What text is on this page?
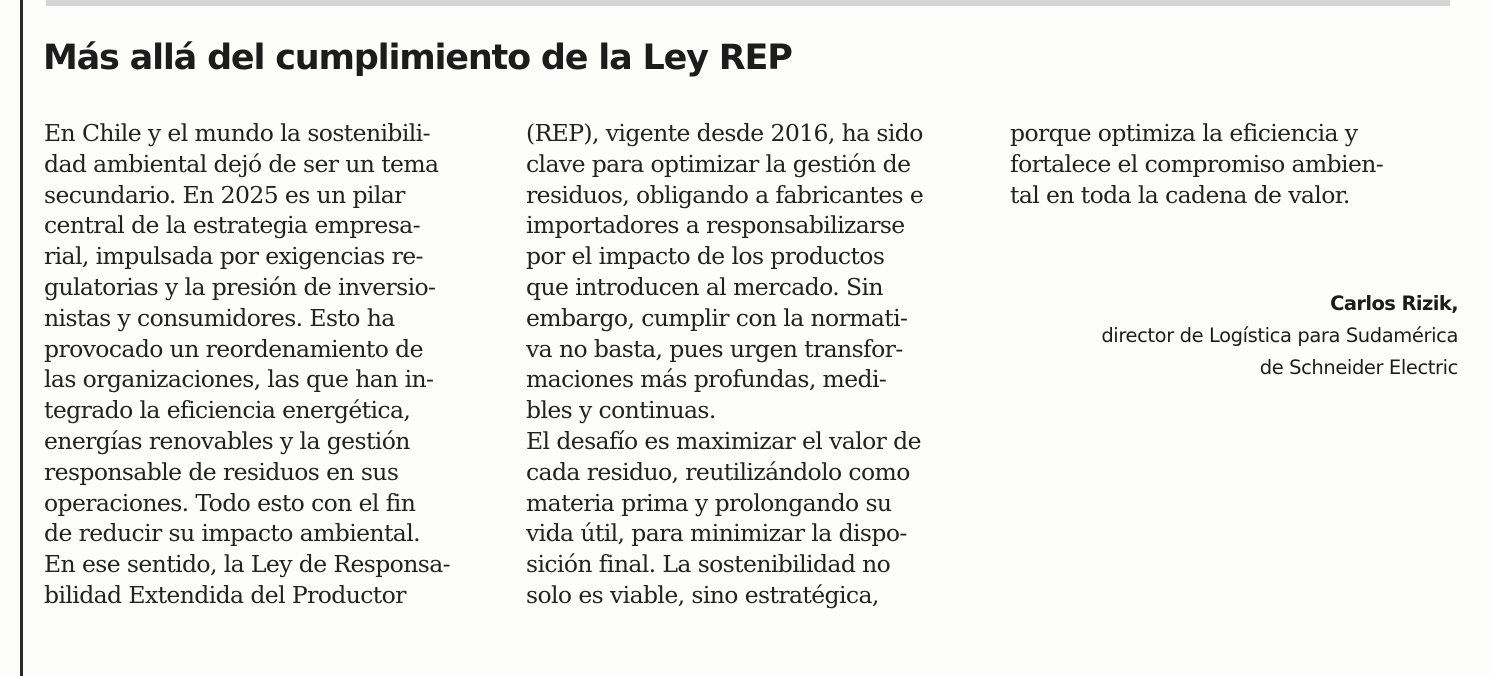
Más allá del cumplimiento de la Ley REP
En Chile y el mundo la sostenibili-
dad ambiental dejó de ser un tema
secundario. En 2025 es un pilar
central de la estrategia empresa-
rial, impulsada por exigencias re-
gulatorias y la presión de inversio-
nistas y consumidores. Esto ha
provocado un reordenamiento de
las organizaciones, las que han in-
tegrado la eficiencia energética,
energías renovables y la gestión
responsable de residuos en sus
operaciones. Todo esto con el fin
de reducir su impacto ambiental.
En ese sentido, la Ley de Responsa-
bilidad Extendida del Productor
(REP), vigente desde 2016, ha sido
clave para optimizar la gestión de
residuos, obligando a fabricantes e
importadores a responsabilizarse
por el impacto de los productos
que introducen al mercado. Sin
embargo, cumplir con la normati-
va no basta, pues urgen transfor-
maciones más profundas, medi-
bles y continuas.
El desafío es maximizar el valor de
cada residuo, reutilizándolo como
materia prima y prolongando su
vida útil, para minimizar la dispo-
sición final. La sostenibilidad no
solo es viable, sino estratégica,
porque optimiza la eficiencia y
fortalece el compromiso ambien-
tal en toda la cadena de valor.
Carlos Rizik,
director de Logística para Sudamérica
de Schneider Electric
